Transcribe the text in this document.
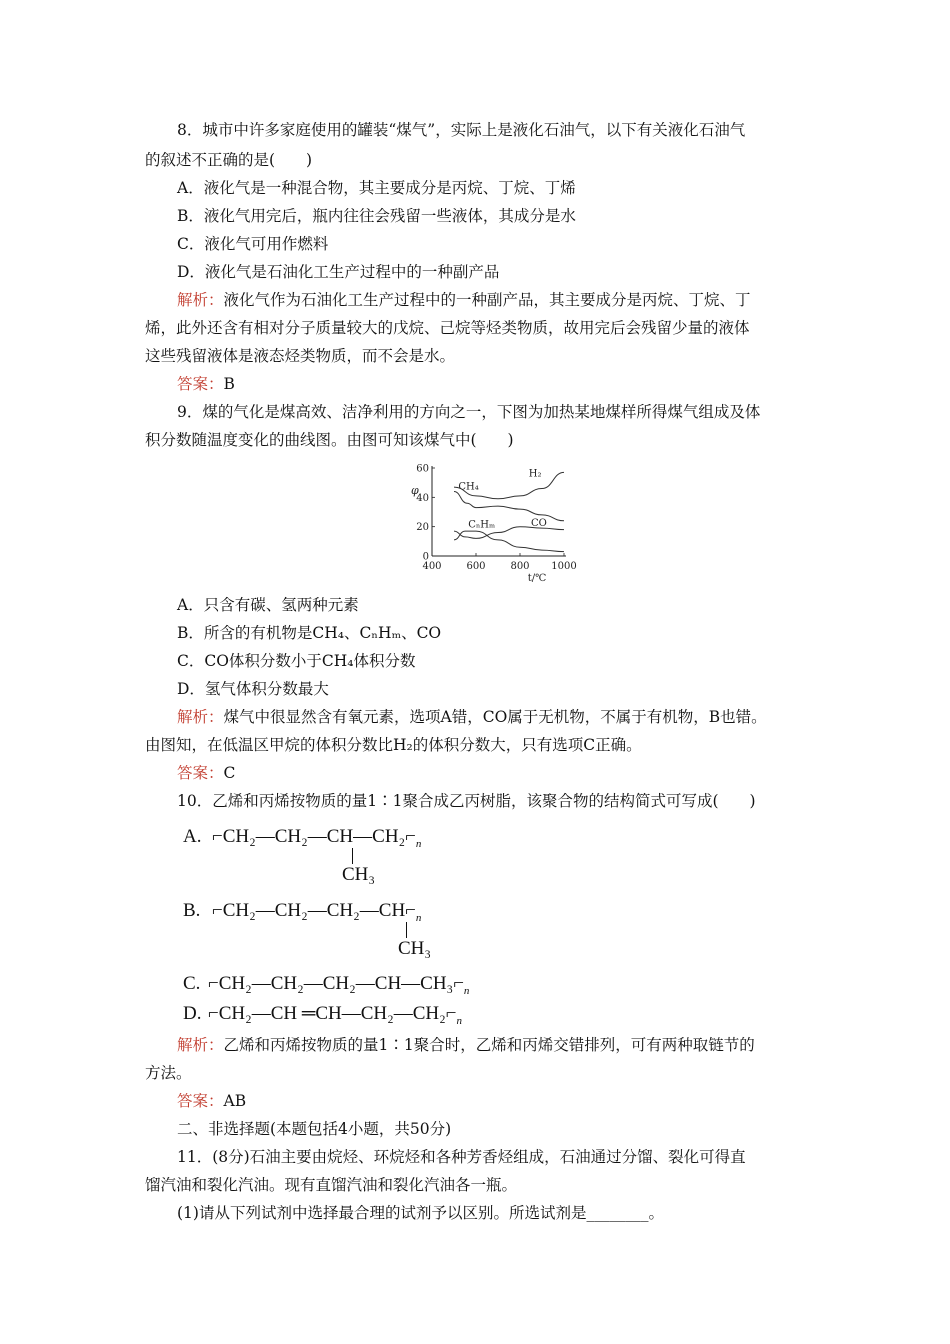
8．城市中许多家庭使用的罐装“煤气”，实际上是液化石油气，以下有关液化石油气
的叙述不正确的是(　　)
A．液化气是一种混合物，其主要成分是丙烷、丁烷、丁烯
B．液化气用完后，瓶内往往会残留一些液体，其成分是水
C．液化气可用作燃料
D．液化气是石油化工生产过程中的一种副产品
解析：液化气作为石油化工生产过程中的一种副产品，其主要成分是丙烷、丁烷、丁
烯，此外还含有相对分子质量较大的戊烷、己烷等烃类物质，故用完后会残留少量的液体
这些残留液体是液态烃类物质，而不会是水。
答案：B
9．煤的气化是煤高效、洁净利用的方向之一，下图为加热某地煤样所得煤气组成及体
积分数随温度变化的曲线图。由图可知该煤气中(　　)
0
20
40
60
400 600 800 1000
φ
t/℃
H₂
CH₄
CₙHₘ	CO
A．只含有碳、氢两种元素
B．所含的有机物是CH₄、CₙHₘ、CO
C．CO体积分数小于CH₄体积分数
D．氢气体积分数最大
解析：煤气中很显然含有氧元素，选项A错，CO属于无机物，不属于有机物，B也错。
由图知，在低温区甲烷的体积分数比H₂的体积分数大，只有选项C正确。
答案：C
10．乙烯和丙烯按物质的量1∶1聚合成乙丙树脂，该聚合物的结构简式可写成(　　)
A. $⌐CH_2—CH_2—CH—CH_2⌐_n$
CH₃
B. $⌐CH_2—CH_2—CH_2—CH⌐_n$
CH₃
C. $⌐CH_2—CH_2—CH_2—CH—CH_3⌐_n$
D. ⌐CH₂—CH $═CH—CH_2—CH_2⌐_n$
解析：乙烯和丙烯按物质的量1∶1聚合时，乙烯和丙烯交错排列，可有两种取链节的
方法。
答案：AB
二、非选择题(本题包括4小题，共50分)
11．(8分)石油主要由烷烃、环烷烃和各种芳香烃组成，石油通过分馏、裂化可得直
馏汽油和裂化汽油。现有直馏汽油和裂化汽油各一瓶。
(1)请从下列试剂中选择最合理的试剂予以区别。所选试剂是________。
